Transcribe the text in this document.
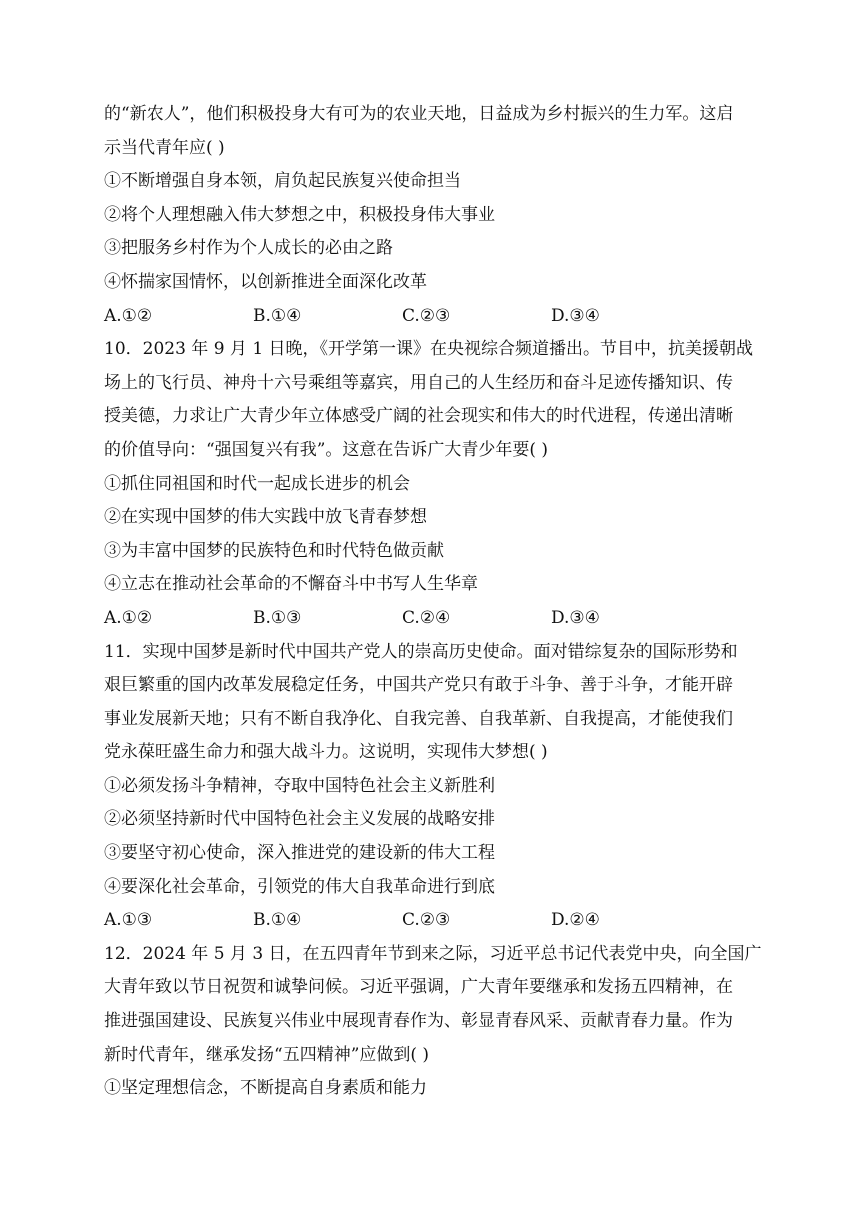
的“新农人”，他们积极投身大有可为的农业天地，日益成为乡村振兴的生力军。这启
示当代青年应( )
①不断增强自身本领，肩负起民族复兴使命担当
②将个人理想融入伟大梦想之中，积极投身伟大事业
③把服务乡村作为个人成长的必由之路
④怀揣家国情怀，以创新推进全面深化改革
A.①②	B.①④	C.②③	D.③④
10．2023 年 9 月 1 日晚，《开学第一课》在央视综合频道播出。节目中，抗美援朝战
场上的飞行员、神舟十六号乘组等嘉宾，用自己的人生经历和奋斗足迹传播知识、传
授美德，力求让广大青少年立体感受广阔的社会现实和伟大的时代进程，传递出清晰
的价值导向：“强国复兴有我”。这意在告诉广大青少年要( )
①抓住同祖国和时代一起成长进步的机会
②在实现中国梦的伟大实践中放飞青春梦想
③为丰富中国梦的民族特色和时代特色做贡献
④立志在推动社会革命的不懈奋斗中书写人生华章
A.①②	B.①③	C.②④	D.③④
11．实现中国梦是新时代中国共产党人的崇高历史使命。面对错综复杂的国际形势和
艰巨繁重的国内改革发展稳定任务，中国共产党只有敢于斗争、善于斗争，才能开辟
事业发展新天地；只有不断自我净化、自我完善、自我革新、自我提高，才能使我们
党永葆旺盛生命力和强大战斗力。这说明，实现伟大梦想( )
①必须发扬斗争精神，夺取中国特色社会主义新胜利
②必须坚持新时代中国特色社会主义发展的战略安排
③要坚守初心使命，深入推进党的建设新的伟大工程
④要深化社会革命，引领党的伟大自我革命进行到底
A.①③	B.①④	C.②③	D.②④
12．2024 年 5 月 3 日，在五四青年节到来之际，习近平总书记代表党中央，向全国广
大青年致以节日祝贺和诚挚问候。习近平强调，广大青年要继承和发扬五四精神，在
推进强国建设、民族复兴伟业中展现青春作为、彰显青春风采、贡献青春力量。作为
新时代青年，继承发扬“五四精神”应做到( )
①坚定理想信念，不断提高自身素质和能力
